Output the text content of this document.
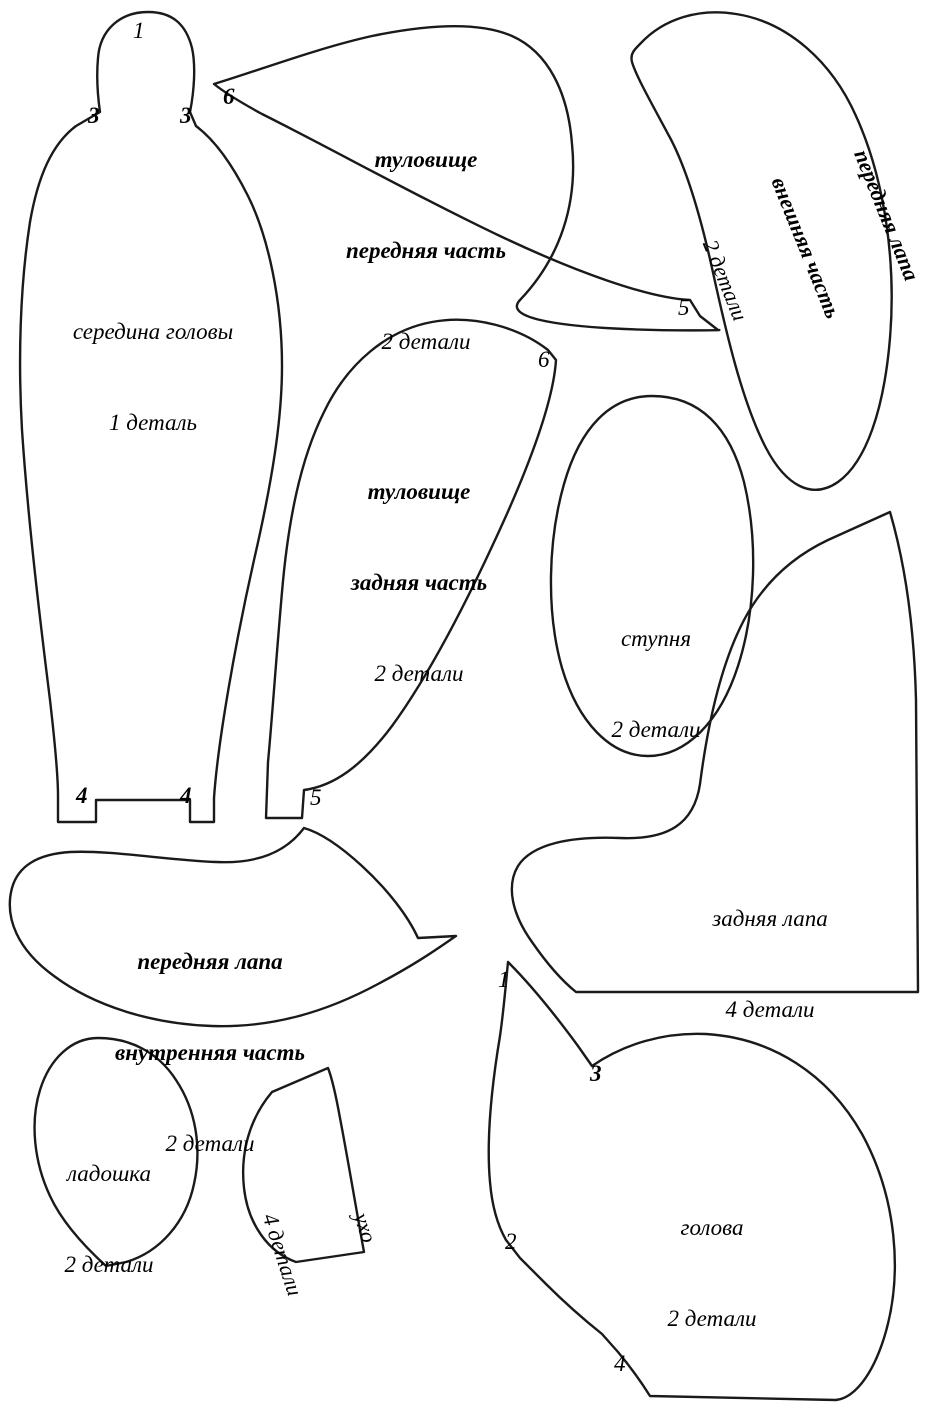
середина головы

1 деталь

туловище

передняя часть

2 детали

передняя лапа

внешняя часть

2 детали

туловище

задняя часть

2 детали

ступня

2 детали

задняя лапа

4 детали

передняя лапа

внутренняя часть

2 детали

ладошка

2 детали

ухо

4 детали

	голова

2 детали

1
3	3
6
5
6
4	4	5
1
3
2
4
